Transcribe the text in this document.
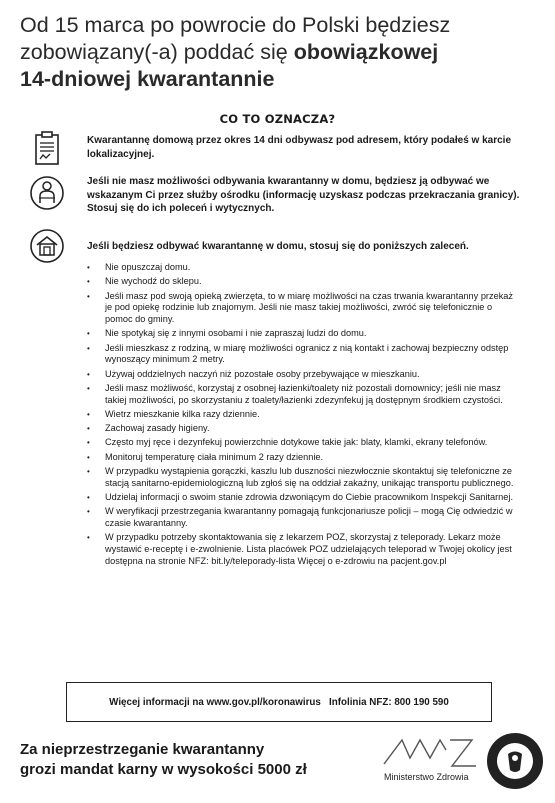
Od 15 marca po powrocie do Polski będziesz
zobowiązany(-a) poddać się obowiązkowej
14-dniowej kwarantannie
CO TO OZNACZA?
Kwarantannę domową przez okres 14 dni odbywasz pod adresem, który podałeś w karcie lokalizacyjnej.
Jeśli nie masz możliwości odbywania kwarantanny w domu, będziesz ją odbywać we wskazanym Ci przez służby ośrodku (informację uzyskasz podczas przekraczania granicy). Stosuj się do ich poleceń i wytycznych.
Jeśli będziesz odbywać kwarantannę w domu, stosuj się do poniższych zaleceń.
• Nie opuszczaj domu.
• Nie wychodź do sklepu.
• Jeśli masz pod swoją opieką zwierzęta, to w miarę możliwości na czas trwania kwarantanny przekaż je pod opiekę rodzinie lub znajomym. Jeśli nie masz takiej możliwości, zwróć się telefonicznie o pomoc do gminy.
• Nie spotykaj się z innymi osobami i nie zapraszaj ludzi do domu.
• Jeśli mieszkasz z rodziną, w miarę możliwości ogranicz z nią kontakt i zachowaj bezpieczny odstęp wynoszący minimum 2 metry.
• Używaj oddzielnych naczyń niż pozostałe osoby przebywające w mieszkaniu.
• Jeśli masz możliwość, korzystaj z osobnej łazienki/toalety niż pozostali domownicy; jeśli nie masz takiej możliwości, po skorzystaniu z toalety/łazienki zdezynfekuj ją dostępnym środkiem czystości.
• Wietrz mieszkanie kilka razy dziennie.
• Zachowaj zasady higieny.
• Często myj ręce i dezynfekuj powierzchnie dotykowe takie jak: blaty, klamki, ekrany telefonów.
• Monitoruj temperaturę ciała minimum 2 razy dziennie.
• W przypadku wystąpienia gorączki, kaszlu lub duszności niezwłocznie skontaktuj się telefoniczne ze stacją sanitarno-epidemiologiczną lub zgłoś się na oddział zakaźny, unikając transportu publicznego.
• Udzielaj informacji o swoim stanie zdrowia dzwoniącym do Ciebie pracownikom Inspekcji Sanitarnej.
• W weryfikacji przestrzegania kwarantanny pomagają funkcjonariusze policji – mogą Cię odwiedzić w czasie kwarantanny.
• W przypadku potrzeby skontaktowania się z lekarzem POZ, skorzystaj z teleporady. Lekarz może wystawić e-receptę i e-zwolnienie. Lista placówek POZ udzielających teleporad w Twojej okolicy jest dostępna na stronie NFZ: bit.ly/teleporady-lista Więcej o e-zdrowiu na pacjent.gov.pl
Więcej informacji na www.gov.pl/koronawirus
Infolinia NFZ: 800 190 590
Za nieprzestrzeganie kwarantanny
grozi mandat karny w wysokości 5000 zł	Ministerstwo Zdrowia
